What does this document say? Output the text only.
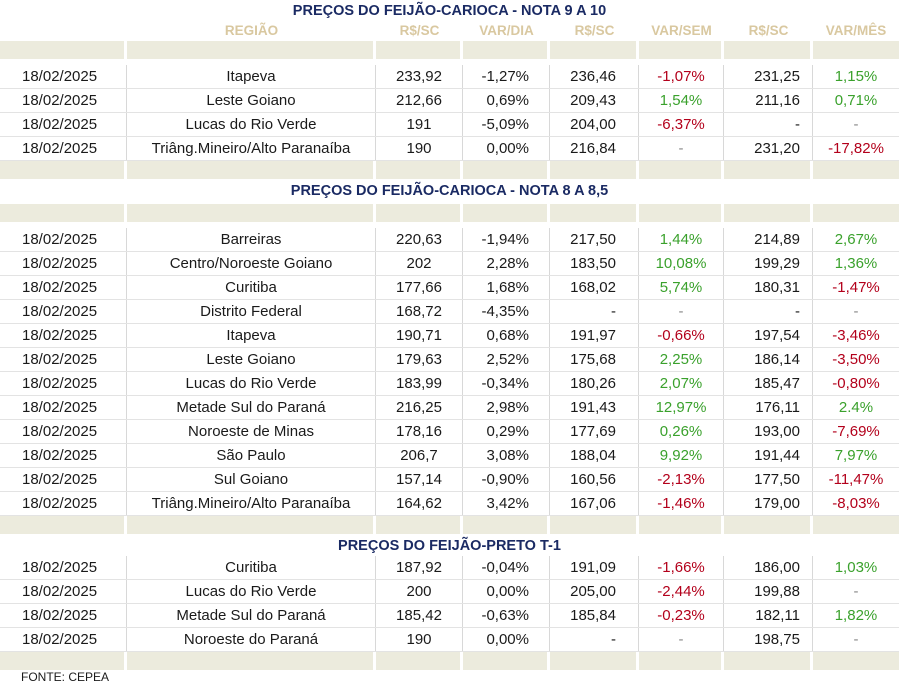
PREÇOS DO FEIJÃO-CARIOCA - NOTA 9 A 10
REGIÃO	R$/SC	VAR/DIA	R$/SC	VAR/SEM	R$/SC	VAR/MÊS
18/02/2025	Itapeva	233,92	-1,27%	236,46	-1,07%	231,25	1,15%
18/02/2025	Leste Goiano	212,66	0,69%	209,43	1,54%	211,16	0,71%
18/02/2025	Lucas do Rio Verde	191	-5,09%	204,00	-6,37%	-	-
18/02/2025	Triâng.Mineiro/Alto Paranaíba	190	0,00%	216,84	-	231,20	-17,82%
PREÇOS DO FEIJÃO-CARIOCA - NOTA 8 A 8,5
18/02/2025	Barreiras	220,63	-1,94%	217,50	1,44%	214,89	2,67%
18/02/2025	Centro/Noroeste Goiano	202	2,28%	183,50	10,08%	199,29	1,36%
18/02/2025	Curitiba	177,66	1,68%	168,02	5,74%	180,31	-1,47%
18/02/2025	Distrito Federal	168,72	-4,35%	-	-	-	-
18/02/2025	Itapeva	190,71	0,68%	191,97	-0,66%	197,54	-3,46%
18/02/2025	Leste Goiano	179,63	2,52%	175,68	2,25%	186,14	-3,50%
18/02/2025	Lucas do Rio Verde	183,99	-0,34%	180,26	2,07%	185,47	-0,80%
18/02/2025	Metade Sul do Paraná	216,25	2,98%	191,43	12,97%	176,11	2.4%
18/02/2025	Noroeste de Minas	178,16	0,29%	177,69	0,26%	193,00	-7,69%
18/02/2025	São Paulo	206,7	3,08%	188,04	9,92%	191,44	7,97%
18/02/2025	Sul Goiano	157,14	-0,90%	160,56	-2,13%	177,50	-11,47%
18/02/2025	Triâng.Mineiro/Alto Paranaíba	164,62	3,42%	167,06	-1,46%	179,00	-8,03%
PREÇOS DO FEIJÃO-PRETO T-1
18/02/2025	Curitiba	187,92	-0,04%	191,09	-1,66%	186,00	1,03%
18/02/2025	Lucas do Rio Verde	200	0,00%	205,00	-2,44%	199,88	-
18/02/2025	Metade Sul do Paraná	185,42	-0,63%	185,84	-0,23%	182,11	1,82%
18/02/2025	Noroeste do Paraná	190	0,00%	-	-	198,75	-
FONTE: CEPEA
